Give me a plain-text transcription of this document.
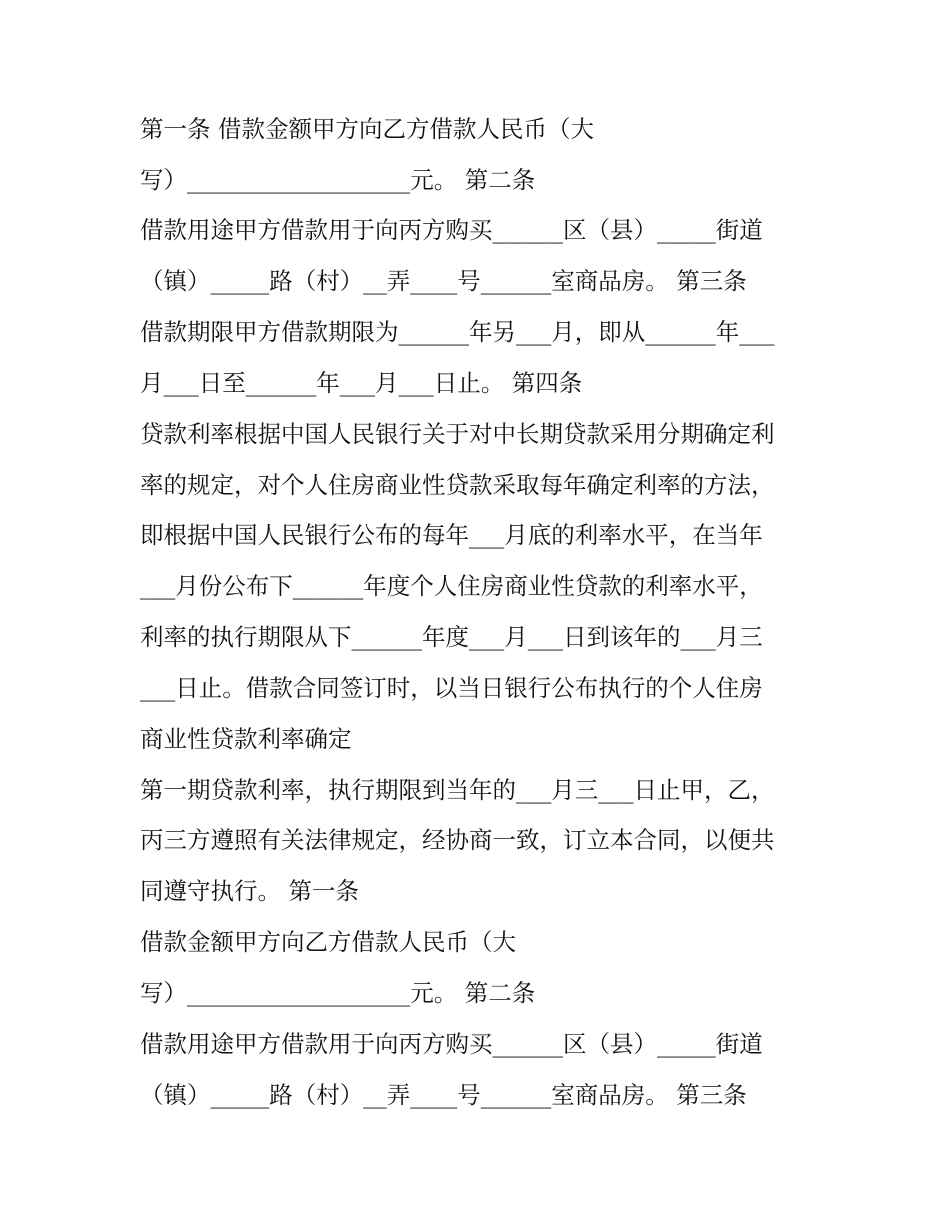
第一条 借款金额甲方向乙方借款人民币（大
写）___________________元。 第二条
借款用途甲方借款用于向丙方购买______区（县）_____街道
（镇）_____路（村）__弄____号______室商品房。 第三条
借款期限甲方借款期限为______年另___月，即从______年___
月___日至______年___月___日止。 第四条
贷款利率根据中国人民银行关于对中长期贷款采用分期确定利
率的规定，对个人住房商业性贷款采取每年确定利率的方法，
即根据中国人民银行公布的每年___月底的利率水平，在当年
___月份公布下______年度个人住房商业性贷款的利率水平，
利率的执行期限从下______年度___月___日到该年的___月三
___日止。借款合同签订时，以当日银行公布执行的个人住房
商业性贷款利率确定
第一期贷款利率，执行期限到当年的___月三___日止甲，乙，
丙三方遵照有关法律规定，经协商一致，订立本合同，以便共
同遵守执行。 第一条
借款金额甲方向乙方借款人民币（大
写）___________________元。 第二条
借款用途甲方借款用于向丙方购买______区（县）_____街道
（镇）_____路（村）__弄____号______室商品房。 第三条
